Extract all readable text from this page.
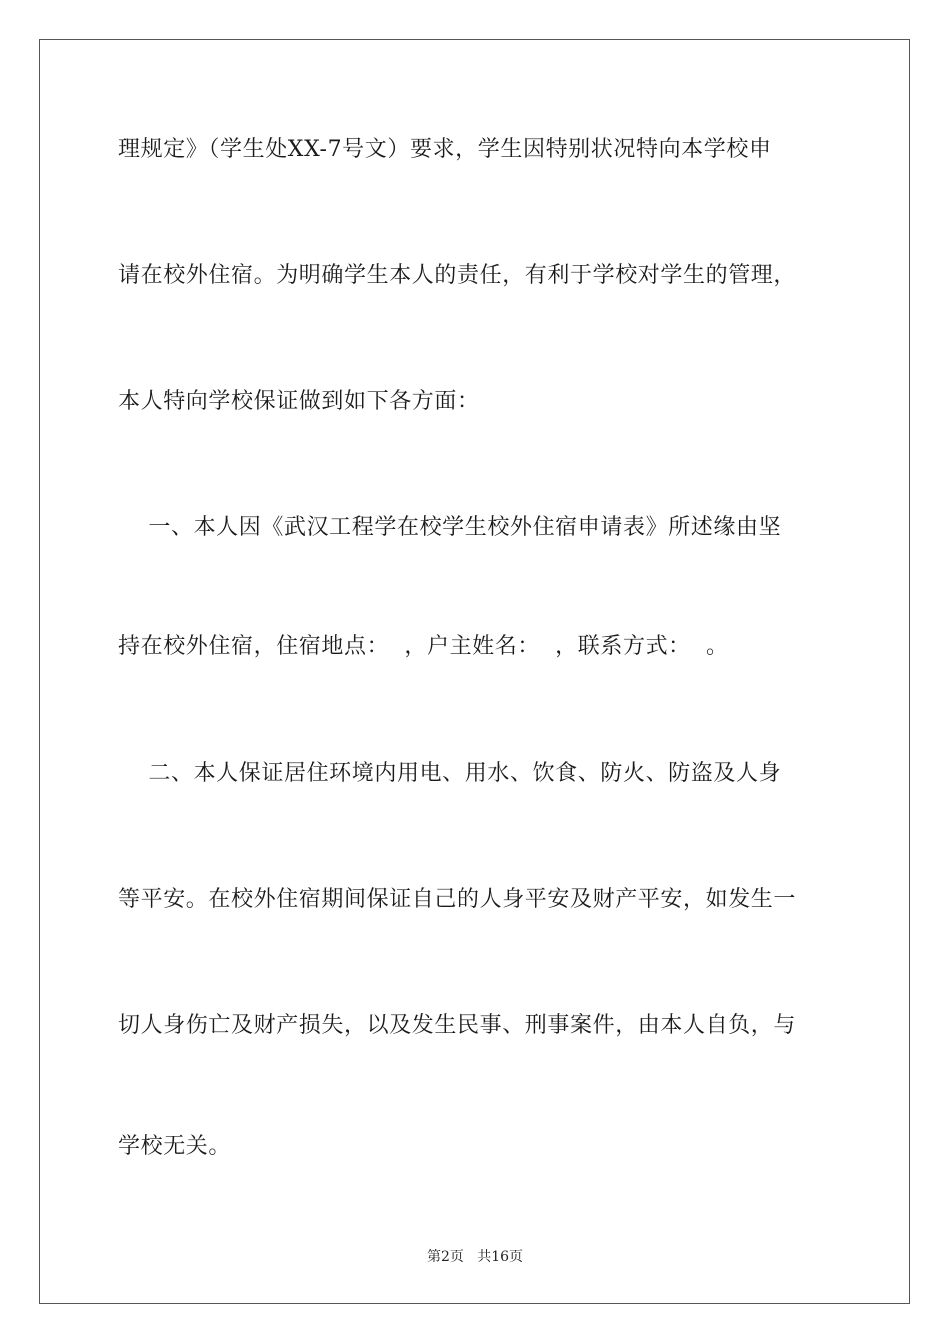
理规定》（学生处XX-7号文）要求，学生因特别状况特向本学校申
请在校外住宿。为明确学生本人的责任，有利于学校对学生的管理，
本人特向学校保证做到如下各方面：
一、本人因《武汉工程学在校学生校外住宿申请表》所述缘由坚
持在校外住宿，住宿地点：  ，户主姓名：  ，联系方式：  。
二、本人保证居住环境内用电、用水、饮食、防火、防盗及人身
等平安。在校外住宿期间保证自己的人身平安及财产平安，如发生一
切人身伤亡及财产损失，以及发生民事、刑事案件，由本人自负，与
学校无关。
第2页   共16页
